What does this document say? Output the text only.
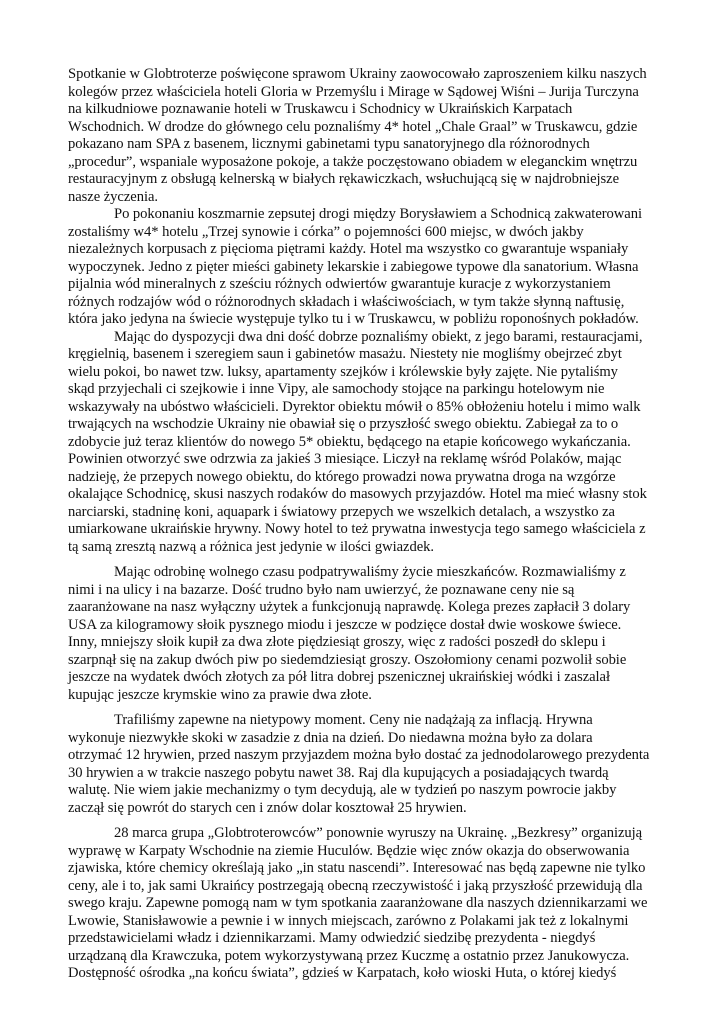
Spotkanie w Globtroterze poświęcone sprawom Ukrainy zaowocowało zaproszeniem kilku naszych
kolegów przez właściciela hoteli Gloria w Przemyślu i Mirage w Sądowej Wiśni – Jurija Turczyna
na kilkudniowe poznawanie hoteli w Truskawcu i Schodnicy w Ukraińskich Karpatach
Wschodnich. W drodze do głównego celu poznaliśmy 4* hotel „Chale Graal” w Truskawcu, gdzie
pokazano nam SPA z basenem, licznymi gabinetami typu sanatoryjnego dla różnorodnych
„procedur”, wspaniale wyposażone pokoje, a także poczęstowano obiadem w eleganckim wnętrzu
restauracyjnym z obsługą kelnerską w białych rękawiczkach, wsłuchującą się w najdrobniejsze
nasze życzenia.

Po pokonaniu koszmarnie zepsutej drogi między Borysławiem a Schodnicą zakwaterowani
zostaliśmy w4* hotelu „Trzej synowie i córka” o pojemności 600 miejsc, w dwóch jakby
niezależnych korpusach z pięcioma piętrami każdy. Hotel ma wszystko co gwarantuje wspaniały
wypoczynek. Jedno z pięter mieści gabinety lekarskie i zabiegowe typowe dla sanatorium. Własna
pijalnia wód mineralnych z sześciu różnych odwiertów gwarantuje kuracje z wykorzystaniem
różnych rodzajów wód o różnorodnych składach i właściwościach, w tym także słynną naftusię,
która jako jedyna na świecie występuje tylko tu i w Truskawcu, w pobliżu roponośnych pokładów.

Mając do dyspozycji dwa dni dość dobrze poznaliśmy obiekt, z jego barami, restauracjami,
kręgielnią, basenem i szeregiem saun i gabinetów masażu. Niestety nie mogliśmy obejrzeć zbyt
wielu pokoi, bo nawet tzw. luksy, apartamenty szejków i królewskie były zajęte. Nie pytaliśmy
skąd przyjechali ci szejkowie i inne Vipy, ale samochody stojące na parkingu hotelowym nie
wskazywały na ubóstwo właścicieli. Dyrektor obiektu mówił o 85% obłożeniu hotelu i mimo walk
trwających na wschodzie Ukrainy nie obawiał się o przyszłość swego obiektu. Zabiegał za to o
zdobycie już teraz klientów do nowego 5* obiektu, będącego na etapie końcowego wykańczania.
Powinien otworzyć swe odrzwia za jakieś 3 miesiące. Liczył na reklamę wśród Polaków, mając
nadzieję, że przepych nowego obiektu, do którego prowadzi nowa prywatna droga na wzgórze
okalające Schodnicę, skusi naszych rodaków do masowych przyjazdów. Hotel ma mieć własny stok
narciarski, stadninę koni, aquapark i światowy przepych we wszelkich detalach, a wszystko za
umiarkowane ukraińskie hrywny. Nowy hotel to też prywatna inwestycja tego samego właściciela z
tą samą zresztą nazwą a różnica jest jedynie w ilości gwiazdek.

Mając odrobinę wolnego czasu podpatrywaliśmy życie mieszkańców. Rozmawialiśmy z
nimi i na ulicy i na bazarze. Dość trudno było nam uwierzyć, że poznawane ceny nie są
zaaranżowane na nasz wyłączny użytek a funkcjonują naprawdę. Kolega prezes zapłacił 3 dolary
USA za kilogramowy słoik pysznego miodu i jeszcze w podzięce dostał dwie woskowe świece.
Inny, mniejszy słoik kupił za dwa złote piędziesiąt groszy, więc z radości poszedł do sklepu i
szarpnął się na zakup dwóch piw po siedemdziesiąt groszy. Oszołomiony cenami pozwolił sobie
jeszcze na wydatek dwóch złotych za pół litra dobrej pszenicznej ukraińskiej wódki i zaszalał
kupując jeszcze krymskie wino za prawie dwa złote.

Trafiliśmy zapewne na nietypowy moment. Ceny nie nadążają za inflacją. Hrywna
wykonuje niezwykłe skoki w zasadzie z dnia na dzień. Do niedawna można było za dolara
otrzymać 12 hrywien, przed naszym przyjazdem można było dostać za jednodolarowego prezydenta
30 hrywien a w trakcie naszego pobytu nawet 38. Raj dla kupujących a posiadających twardą
walutę. Nie wiem jakie mechanizmy o tym decydują, ale w tydzień po naszym powrocie jakby
zaczął się powrót do starych cen i znów dolar kosztował 25 hrywien.

28 marca grupa „Globtroterowców” ponownie wyruszy na Ukrainę. „Bezkresy” organizują
wyprawę w Karpaty Wschodnie na ziemie Huculów. Będzie więc znów okazja do obserwowania
zjawiska, które chemicy określają jako „in statu nascendi”. Interesować nas będą zapewne nie tylko
ceny, ale i to, jak sami Ukraińcy postrzegają obecną rzeczywistość i jaką przyszłość przewidują dla
swego kraju. Zapewne pomogą nam w tym spotkania zaaranżowane dla naszych dziennikarzami we
Lwowie, Stanisławowie a pewnie i w innych miejscach, zarówno z Polakami jak też z lokalnymi
przedstawicielami władz i dziennikarzami. Mamy odwiedzić siedzibę prezydenta - niegdyś
urządzaną dla Krawczuka, potem wykorzystywaną przez Kuczmę a ostatnio przez Janukowycza.
Dostępność ośrodka „na końcu świata”, gdzieś w Karpatach, koło wioski Huta, o której kiedyś
